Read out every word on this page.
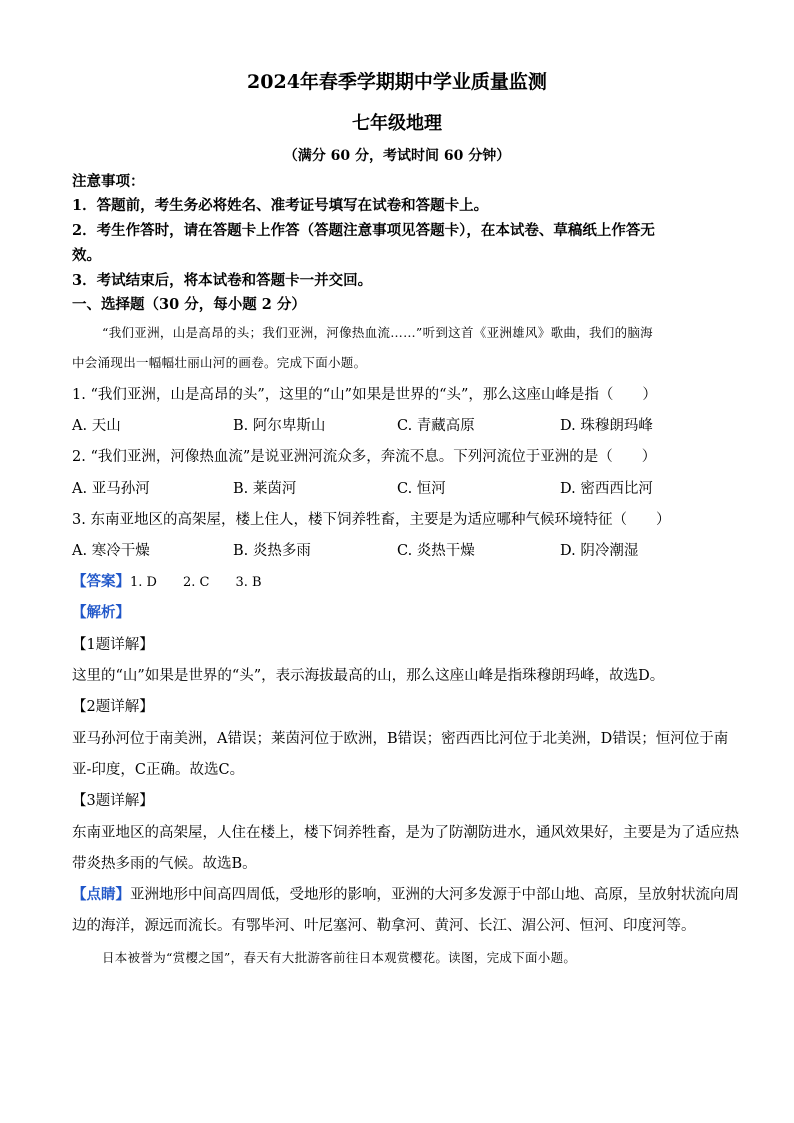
2024年春季学期期中学业质量监测
七年级地理
（满分 60 分，考试时间 60 分钟）
注意事项：
1．答题前，考生务必将姓名、准考证号填写在试卷和答题卡上。
2．考生作答时，请在答题卡上作答（答题注意事项见答题卡），在本试卷、草稿纸上作答无
效。
3．考试结束后，将本试卷和答题卡一并交回。
一、选择题（30 分，每小题 2 分）
“我们亚洲，山是高昂的头；我们亚洲，河像热血流……”听到这首《亚洲雄风》歌曲，我们的脑海
中会涌现出一幅幅壮丽山河的画卷。完成下面小题。
1. “我们亚洲，山是高昂的头”，这里的“山”如果是世界的“头”，那么这座山峰是指（　　）
A. 天山	B. 阿尔卑斯山	C. 青藏高原	D. 珠穆朗玛峰
2. “我们亚洲，河像热血流”是说亚洲河流众多，奔流不息。下列河流位于亚洲的是（　　）
A. 亚马孙河	B. 莱茵河	C. 恒河	D. 密西西比河
3. 东南亚地区的高架屋，楼上住人，楼下饲养牲畜，主要是为适应哪种气候环境特征（　　）
A. 寒冷干燥	B. 炎热多雨	C. 炎热干燥	D. 阴冷潮湿
【答案】1. D　　2. C　　3. B
【解析】
【1题详解】
这里的“山”如果是世界的“头”，表示海拔最高的山，那么这座山峰是指珠穆朗玛峰，故选D。
【2题详解】
亚马孙河位于南美洲，A错误；莱茵河位于欧洲，B错误；密西西比河位于北美洲，D错误；恒河位于南
亚-印度，C正确。故选C。
【3题详解】
东南亚地区的高架屋，人住在楼上，楼下饲养牲畜，是为了防潮防进水，通风效果好，主要是为了适应热
带炎热多雨的气候。故选B。
【点睛】亚洲地形中间高四周低，受地形的影响，亚洲的大河多发源于中部山地、高原，呈放射状流向周
边的海洋，源远而流长。有鄂毕河、叶尼塞河、勒拿河、黄河、长江、湄公河、恒河、印度河等。
日本被誉为“赏樱之国”，春天有大批游客前往日本观赏樱花。读图，完成下面小题。
